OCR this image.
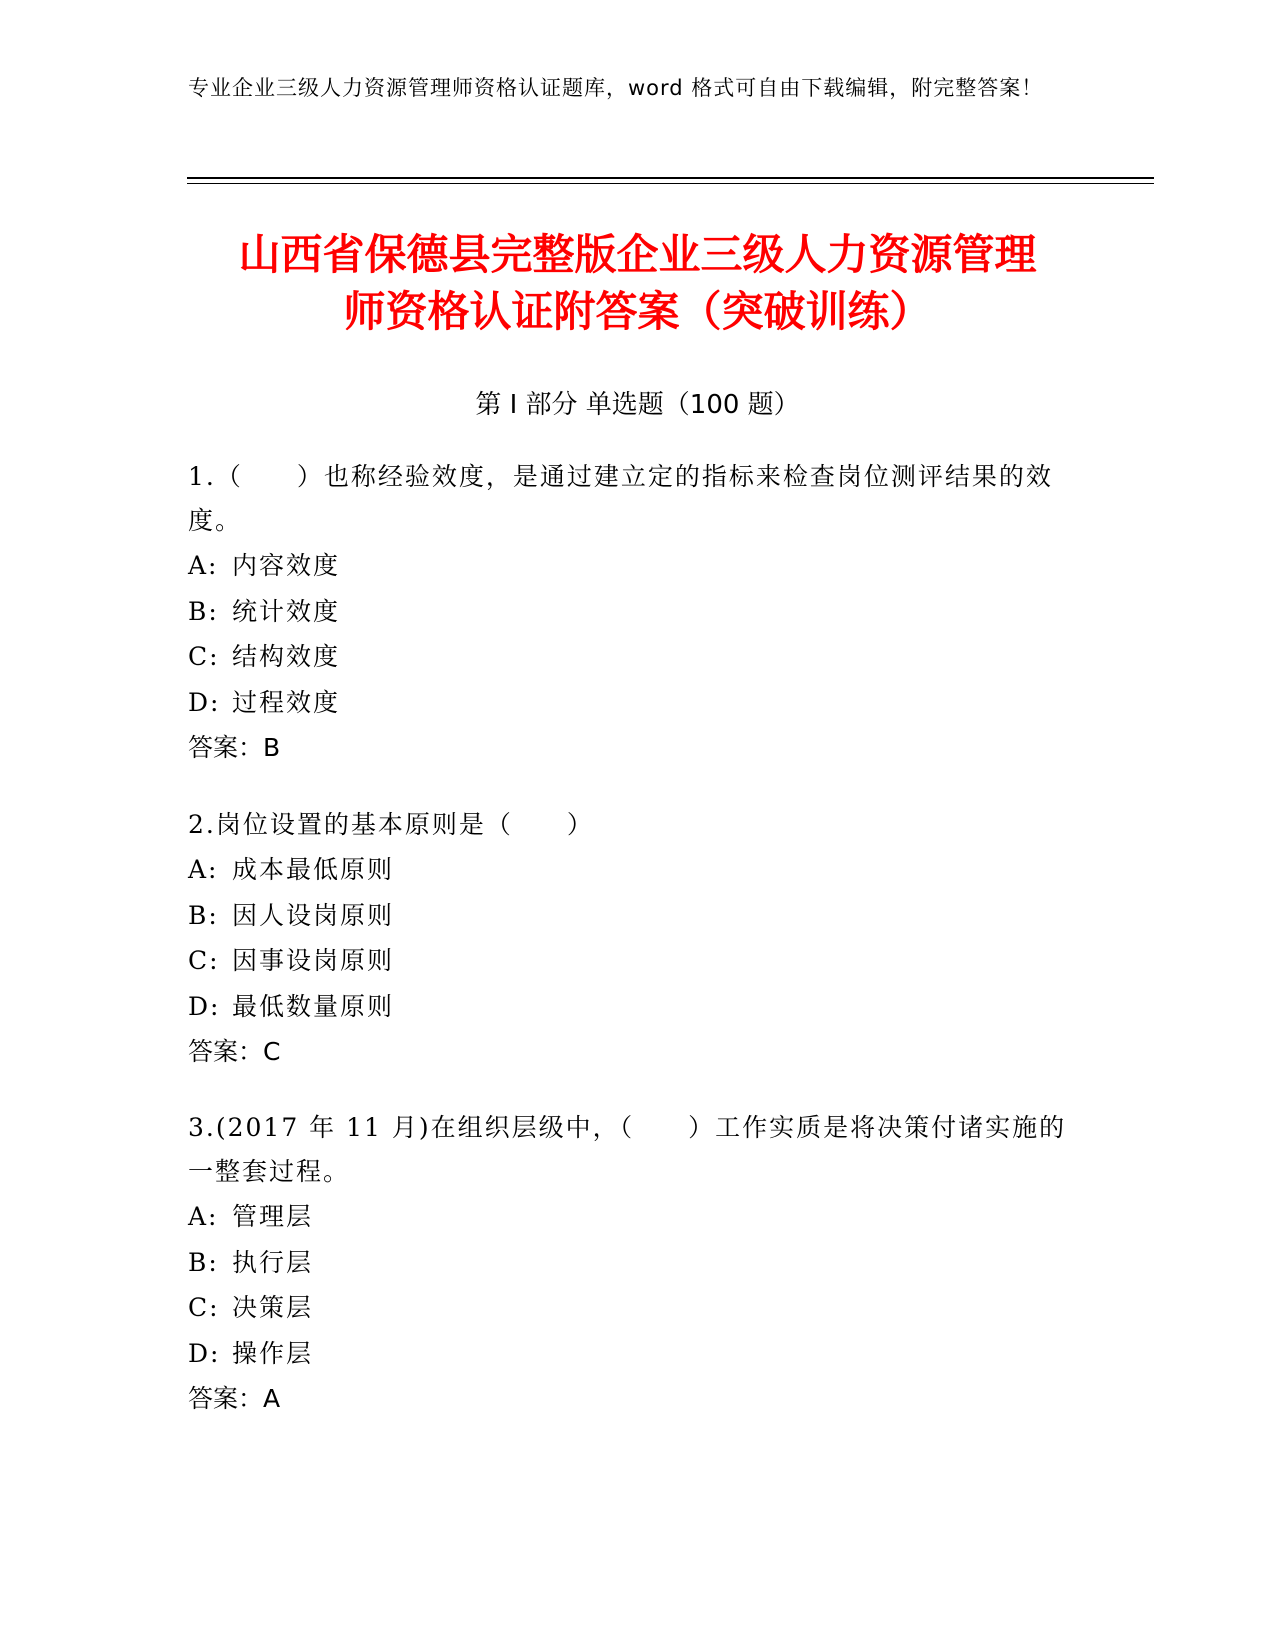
专业企业三级人力资源管理师资格认证题库，word 格式可自由下载编辑，附完整答案！
山西省保德县完整版企业三级人力资源管理
师资格认证附答案（突破训练）
第 I 部分 单选题（100 题）
1.（　　）也称经验效度，是通过建立定的指标来检查岗位测评结果的效度。
A: 内容效度
B: 统计效度
C: 结构效度
D: 过程效度
答案：B
2.岗位设置的基本原则是（　　）
A: 成本最低原则
B: 因人设岗原则
C: 因事设岗原则
D: 最低数量原则
答案：C
3.(2017 年 11 月)在组织层级中，（　　）工作实质是将决策付诸实施的一整套过程。
A: 管理层
B: 执行层
C: 决策层
D: 操作层
答案：A
